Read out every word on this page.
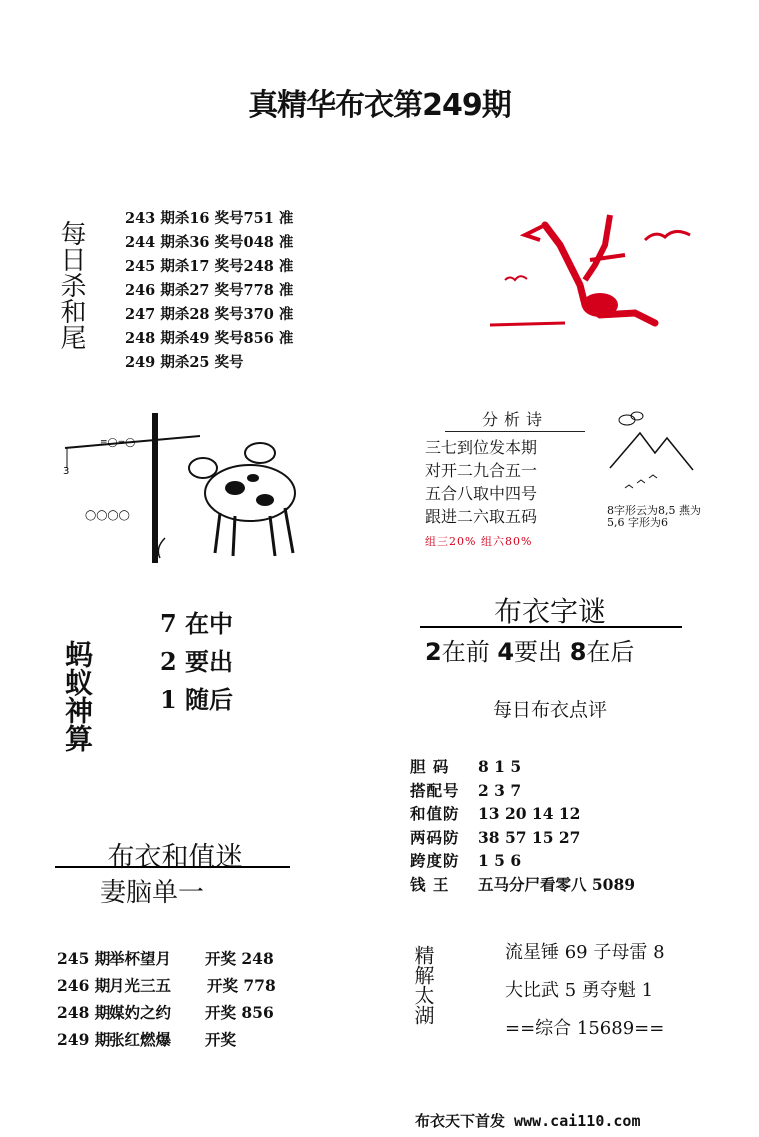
真精华布衣第249期
每日杀和尾
243 期杀16 奖号751 准
244 期杀36 奖号048 准
245 期杀17 奖号248 准
246 期杀27 奖号778 准
247 期杀28 奖号370 准
248 期杀49 奖号856 准
249 期杀25 奖号
≡◯=◯
◯◯◯◯
3
分析诗
三七到位发本期
对开二九合五一
五合八取中四号
跟进二六取五码
组三20% 组六80%
8字形云为8,5 燕为5,6 字形为6
蚂蚁神算
7 在中
2 要出
1 随后
布衣字谜
2在前 4要出 8在后
每日布衣点评
胆 码 8 1 5
搭配号 2 3 7
和值防 13 20 14 12
两码防 38 57 15 27
跨度防 1 5 6
钱 王 五马分尸看零八 5089
布衣和值迷
妻脑单一
245 期举杯望月 开奖 248
246 期月光三五 开奖 778
248 期媒妁之约 开奖 856
249 期张红燃爆 开奖
精解太湖	流星锤 69 子母雷 8
大比武 5 勇夺魁 1
==综合 15689==
布衣天下首发 www.cai110.com
